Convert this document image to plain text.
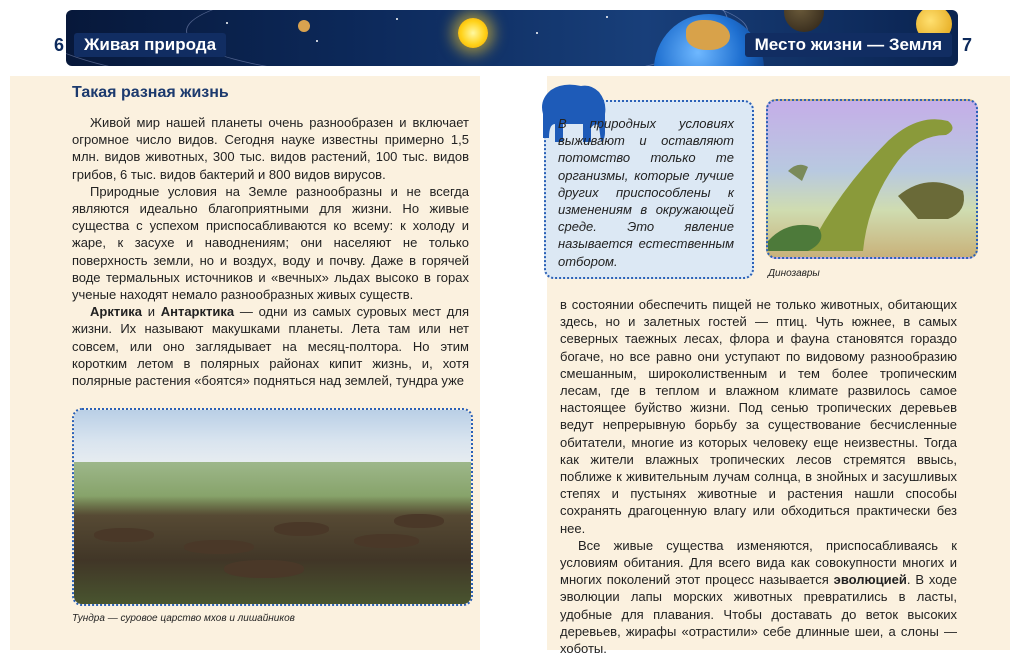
6	Живая природа	Место жизни — Земля	7
Такая разная жизнь

Живой мир нашей планеты очень разнообразен и включает огромное число видов. Сегодня науке известны примерно 1,5 млн. видов животных, 300 тыс. видов растений, 100 тыс. видов грибов, 6 тыс. видов бактерий и 800 видов вирусов.

Природные условия на Земле разнообразны и не всегда являются идеально благоприятными для жизни. Но живые существа с успехом приспосабливаются ко всему: к холоду и жаре, к засухе и наводнениям; они населяют не только поверхность земли, но и воздух, воду и почву. Даже в горячей воде термальных источников и «вечных» льдах высоко в горах ученые находят немало разнообразных живых существ.

Арктика и Антарктика — одни из самых суровых мест для жизни. Их называют макушками планеты. Лета там или нет совсем, или оно заглядывает на месяц-полтора. Но этим коротким летом в полярных районах кипит жизнь, и, хотя полярные растения «боятся» подняться над землей, тундра уже

Тундра — суровое царство мхов и лишайников
В природных условиях выживают и оставляют потомство только те организмы, которые лучше других приспособлены к изменениям в окружающей среде. Это явление называется естественным отбором.
Динозавры

в состоянии обеспечить пищей не только животных, обитающих здесь, но и залетных гостей — птиц. Чуть южнее, в самых северных таежных лесах, флора и фауна становятся гораздо богаче, но все равно они уступают по видовому разнообразию смешанным, широколиственным и тем более тропическим лесам, где в теплом и влажном климате развилось самое настоящее буйство жизни. Под сенью тропических деревьев ведут непрерывную борьбу за существование бесчисленные обитатели, многие из которых человеку еще неизвестны. Тогда как жители влажных тропических лесов стремятся ввысь, поближе к живительным лучам солнца, в знойных и засушливых степях и пустынях животные и растения нашли способы сохранять драгоценную влагу или обходиться практически без нее.

Все живые существа изменяются, приспосабливаясь к условиям обитания. Для всего вида как совокупности многих и многих поколений этот процесс называется эволюцией. В ходе эволюции лапы морских животных превратились в ласты, удобные для плавания. Чтобы доставать до веток высоких деревьев, жирафы «отрастили» себе длинные шеи, а слоны — хоботы.
